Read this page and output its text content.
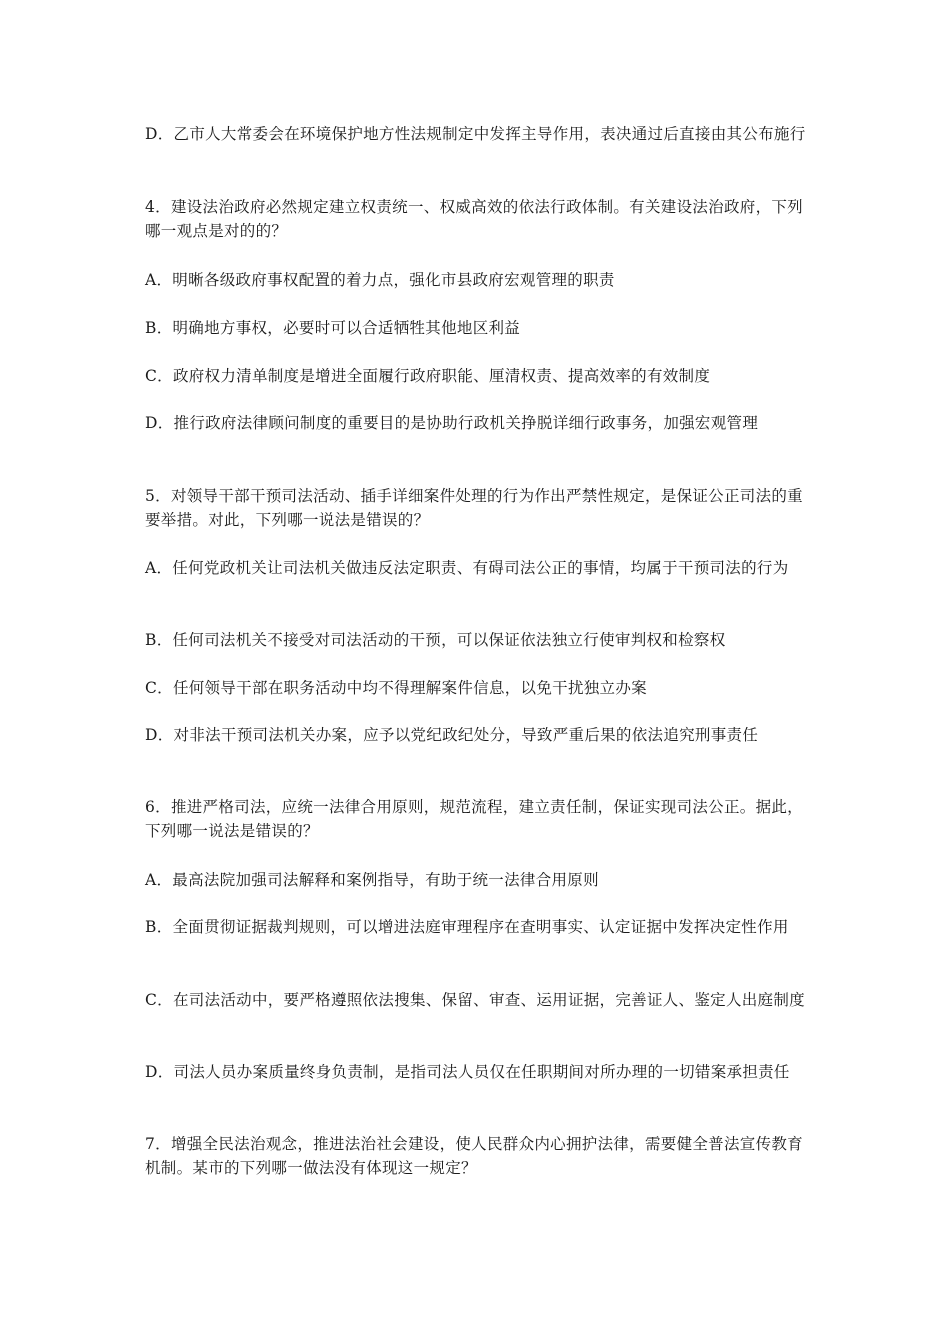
D．乙市人大常委会在环境保护地方性法规制定中发挥主导作用，表决通过后直接由其公布施行

4．建设法治政府必然规定建立权责统一、权威高效的依法行政体制。有关建设法治政府，下列哪一观点是对的的？

A．明晰各级政府事权配置的着力点，强化市县政府宏观管理的职责

B．明确地方事权，必要时可以合适牺牲其他地区利益

C．政府权力清单制度是增进全面履行政府职能、厘清权责、提高效率的有效制度

D．推行政府法律顾问制度的重要目的是协助行政机关挣脱详细行政事务，加强宏观管理

5．对领导干部干预司法活动、插手详细案件处理的行为作出严禁性规定，是保证公正司法的重要举措。对此，下列哪一说法是错误的？

A．任何党政机关让司法机关做违反法定职责、有碍司法公正的事情，均属于干预司法的行为

B．任何司法机关不接受对司法活动的干预，可以保证依法独立行使审判权和检察权

C．任何领导干部在职务活动中均不得理解案件信息，以免干扰独立办案

D．对非法干预司法机关办案，应予以党纪政纪处分，导致严重后果的依法追究刑事责任

6．推进严格司法，应统一法律合用原则，规范流程，建立责任制，保证实现司法公正。据此，下列哪一说法是错误的？

A．最高法院加强司法解释和案例指导，有助于统一法律合用原则

B．全面贯彻证据裁判规则，可以增进法庭审理程序在查明事实、认定证据中发挥决定性作用

C．在司法活动中，要严格遵照依法搜集、保留、审查、运用证据，完善证人、鉴定人出庭制度

D．司法人员办案质量终身负责制，是指司法人员仅在任职期间对所办理的一切错案承担责任

7．增强全民法治观念，推进法治社会建设，使人民群众内心拥护法律，需要健全普法宣传教育机制。某市的下列哪一做法没有体现这一规定？
